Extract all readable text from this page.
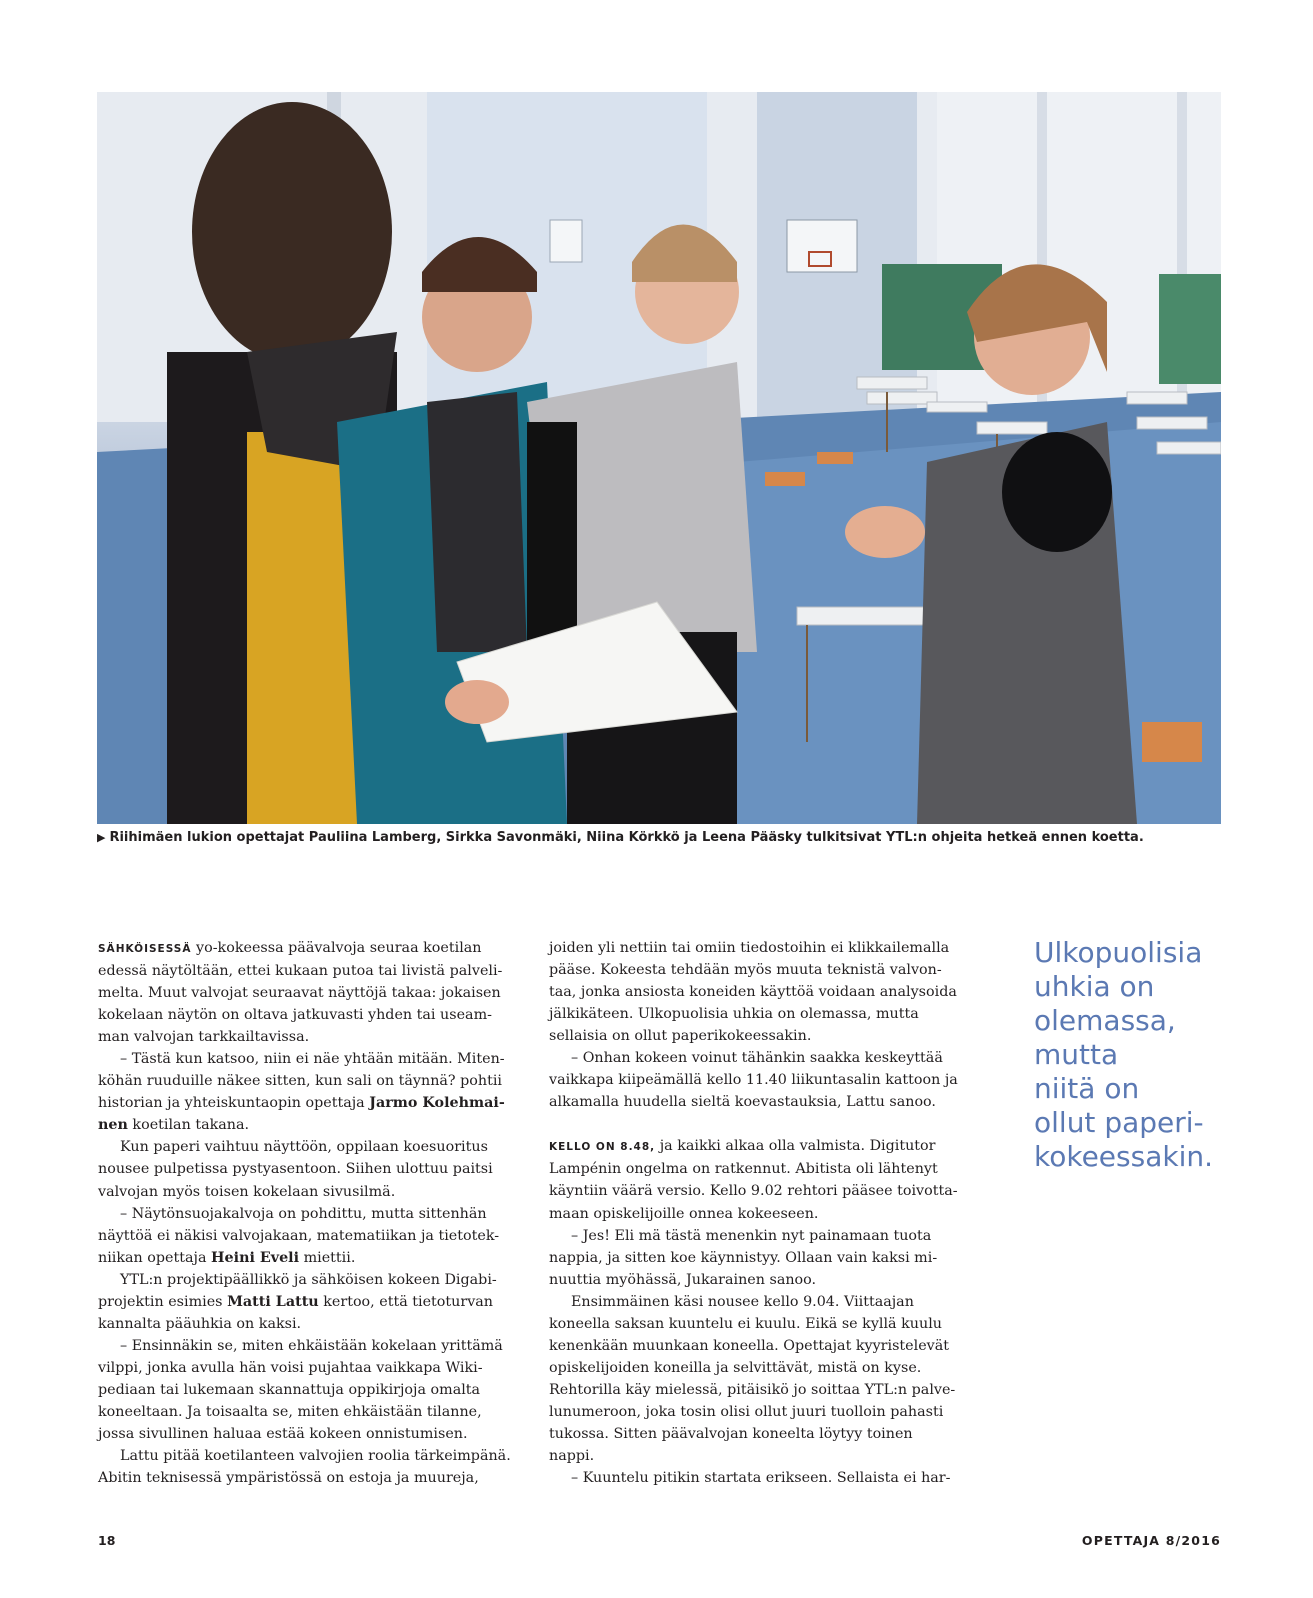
▶ Riihimäen lukion opettajat Pauliina Lamberg, Sirkka Savonmäki, Niina Körkkö ja Leena Pääsky tulkitsivat YTL:n ohjeita hetkeä ennen koetta.

SÄHKÖISESSÄ yo-kokeessa päävalvoja seuraa koetilan

edessä näytöltään, ettei kukaan putoa tai livistä palveli-

melta. Muut valvojat seuraavat näyttöjä takaa: jokaisen

kokelaan näytön on oltava jatkuvasti yhden tai useam-

man valvojan tarkkailtavissa.

– Tästä kun katsoo, niin ei näe yhtään mitään. Miten-

köhän ruuduille näkee sitten, kun sali on täynnä? pohtii

historian ja yhteiskuntaopin opettaja Jarmo Kolehmai-

nen koetilan takana.

Kun paperi vaihtuu näyttöön, oppilaan koesuoritus

nousee pulpetissa pystyasentoon. Siihen ulottuu paitsi

valvojan myös toisen kokelaan sivusilmä.

– Näytönsuojakalvoja on pohdittu, mutta sittenhän

näyttöä ei näkisi valvojakaan, matematiikan ja tietotek-

niikan opettaja Heini Eveli miettii.

YTL:n projektipäällikkö ja sähköisen kokeen Digabi-

projektin esimies Matti Lattu kertoo, että tietoturvan

kannalta pääuhkia on kaksi.

– Ensinnäkin se, miten ehkäistään kokelaan yrittämä

vilppi, jonka avulla hän voisi pujahtaa vaikkapa Wiki-

pediaan tai lukemaan skannattuja oppikirjoja omalta

koneeltaan. Ja toisaalta se, miten ehkäistään tilanne,

jossa sivullinen haluaa estää kokeen onnistumisen.

Lattu pitää koetilanteen valvojien roolia tärkeimpänä.

Abitin teknisessä ympäristössä on estoja ja muureja,

joiden yli nettiin tai omiin tiedostoihin ei klikkailemalla

pääse. Kokeesta tehdään myös muuta teknistä valvon-

taa, jonka ansiosta koneiden käyttöä voidaan analysoida

jälkikäteen. Ulkopuolisia uhkia on olemassa, mutta

sellaisia on ollut paperikokeessakin.

– Onhan kokeen voinut tähänkin saakka keskeyttää

vaikkapa kiipeämällä kello 11.40 liikuntasalin kattoon ja

alkamalla huudella sieltä koevastauksia, Lattu sanoo.

KELLO ON 8.48, ja kaikki alkaa olla valmista. Digitutor

Lampénin ongelma on ratkennut. Abitista oli lähtenyt

käyntiin väärä versio. Kello 9.02 rehtori pääsee toivotta-

maan opiskelijoille onnea kokeeseen.

– Jes! Eli mä tästä menenkin nyt painamaan tuota

nappia, ja sitten koe käynnistyy. Ollaan vain kaksi mi-

nuuttia myöhässä, Jukarainen sanoo.

Ensimmäinen käsi nousee kello 9.04. Viittaajan

koneella saksan kuuntelu ei kuulu. Eikä se kyllä kuulu

kenenkään muunkaan koneella. Opettajat kyyristelevät

opiskelijoiden koneilla ja selvittävät, mistä on kyse.

Rehtorilla käy mielessä, pitäisikö jo soittaa YTL:n palve-

lunumeroon, joka tosin olisi ollut juuri tuolloin pahasti

tukossa. Sitten päävalvojan koneelta löytyy toinen

nappi.

– Kuuntelu pitikin startata erikseen. Sellaista ei har-

Ulkopuolisia
uhkia on
olemassa,
mutta
niitä on
ollut paperi-
kokeessakin.
18	OPETTAJA 8/2016
